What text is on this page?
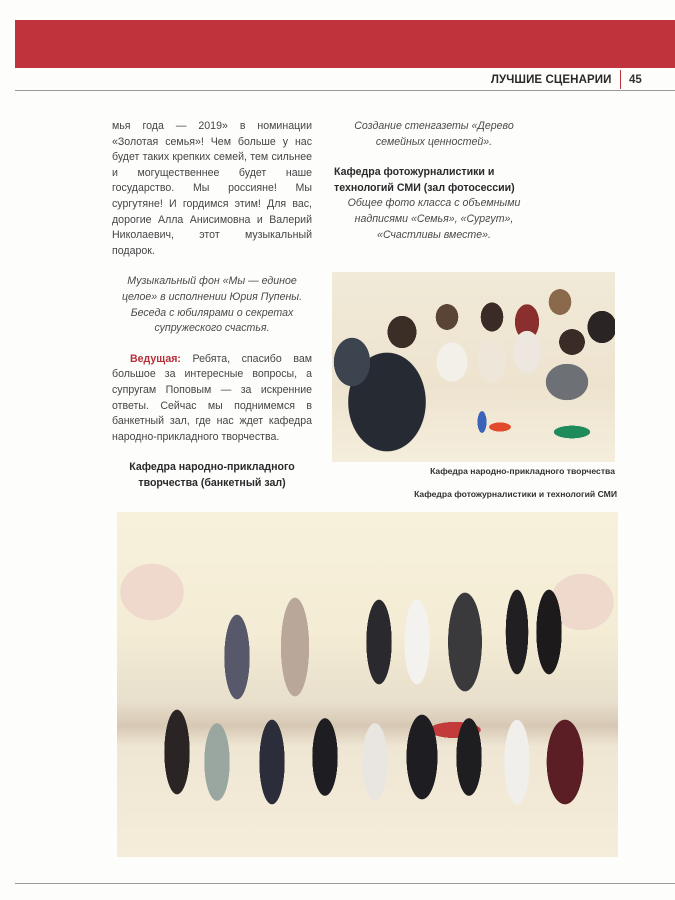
ЛУЧШИЕ СЦЕНАРИИ	45

мья года — 2019» в номинации «Золотая семья»! Чем больше у нас будет таких крепких семей, тем сильнее и могущественнее будет наше государство. Мы россияне! Мы сургутяне! И гордимся этим! Для вас, дорогие Алла Анисимовна и Валерий Николаевич, этот музыкальный подарок.

Музыкальный фон «Мы — единое целое» в исполнении Юрия Пупены. Беседа с юбилярами о секретах супружеского счастья.

Ведущая: Ребята, спасибо вам большое за интересные вопросы, а супругам Поповым — за искренние ответы. Сейчас мы поднимемся в банкетный зал, где нас ждет кафедра народно-прикладного творчества.

Кафедра народно-прикладного творчества (банкетный зал)

Создание стенгазеты «Дерево семейных ценностей».

Кафедра фотожурналистики и технологий СМИ (зал фотосессии)

Общее фото класса с объемными надписями «Семья», «Сургут», «Счастливы вместе».

Кафедра народно-прикладного творчества
Кафедра фотожурналистики и технологий СМИ
